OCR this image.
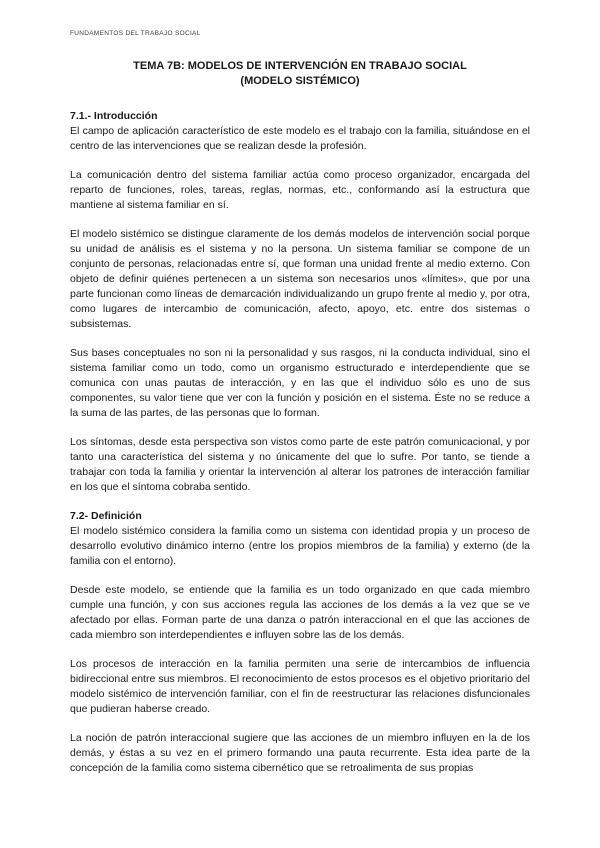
FUNDAMENTOS DEL TRABAJO SOCIAL
TEMA 7B: MODELOS DE INTERVENCIÓN EN TRABAJO SOCIAL
(MODELO SISTÉMICO)
7.1.- Introducción

El campo de aplicación característico de este modelo es el trabajo con la familia, situándose en el centro de las intervenciones que se realizan desde la profesión.

La comunicación dentro del sistema familiar actúa como proceso organizador, encargada del reparto de funciones, roles, tareas, reglas, normas, etc., conformando así la estructura que mantiene al sistema familiar en sí.

El modelo sistémico se distingue claramente de los demás modelos de intervención social porque su unidad de análisis es el sistema y no la persona. Un sistema familiar se compone de un conjunto de personas, relacionadas entre sí, que forman una unidad frente al medio externo. Con objeto de definir quiénes pertenecen a un sistema son necesarios unos «límites», que por una parte funcionan como líneas de demarcación individualizando un grupo frente al medio y, por otra, como lugares de intercambio de comunicación, afecto, apoyo, etc. entre dos sistemas o subsistemas.

Sus bases conceptuales no son ni la personalidad y sus rasgos, ni la conducta individual, sino el sistema familiar como un todo, como un organismo estructurado e interdependiente que se comunica con unas pautas de interacción, y en las que el individuo sólo es uno de sus componentes, su valor tiene que ver con la función y posición en el sistema. Éste no se reduce a la suma de las partes, de las personas que lo forman.

Los síntomas, desde esta perspectiva son vistos como parte de este patrón comunicacional, y por tanto una característica del sistema y no únicamente del que lo sufre. Por tanto, se tiende a trabajar con toda la familia y orientar la intervención al alterar los patrones de interacción familiar en los que el síntoma cobraba sentido.

7.2- Definición

El modelo sistémico considera la familia como un sistema con identidad propia y un proceso de desarrollo evolutivo dinámico interno (entre los propios miembros de la familia) y externo (de la familia con el entorno).

Desde este modelo, se entiende que la familia es un todo organizado en que cada miembro cumple una función, y con sus acciones regula las acciones de los demás a la vez que se ve afectado por ellas. Forman parte de una danza o patrón interaccional en el que las acciones de cada miembro son interdependientes e influyen sobre las de los demás.

Los procesos de interacción en la familia permiten una serie de intercambios de influencia bidireccional entre sus miembros. El reconocimiento de estos procesos es el objetivo prioritario del modelo sistémico de intervención familiar, con el fin de reestructurar las relaciones disfuncionales que pudieran haberse creado.

La noción de patrón interaccional sugiere que las acciones de un miembro influyen en la de los demás, y éstas a su vez en el primero formando una pauta recurrente. Esta idea parte de la concepción de la familia como sistema cibernético que se retroalimenta de sus propias
